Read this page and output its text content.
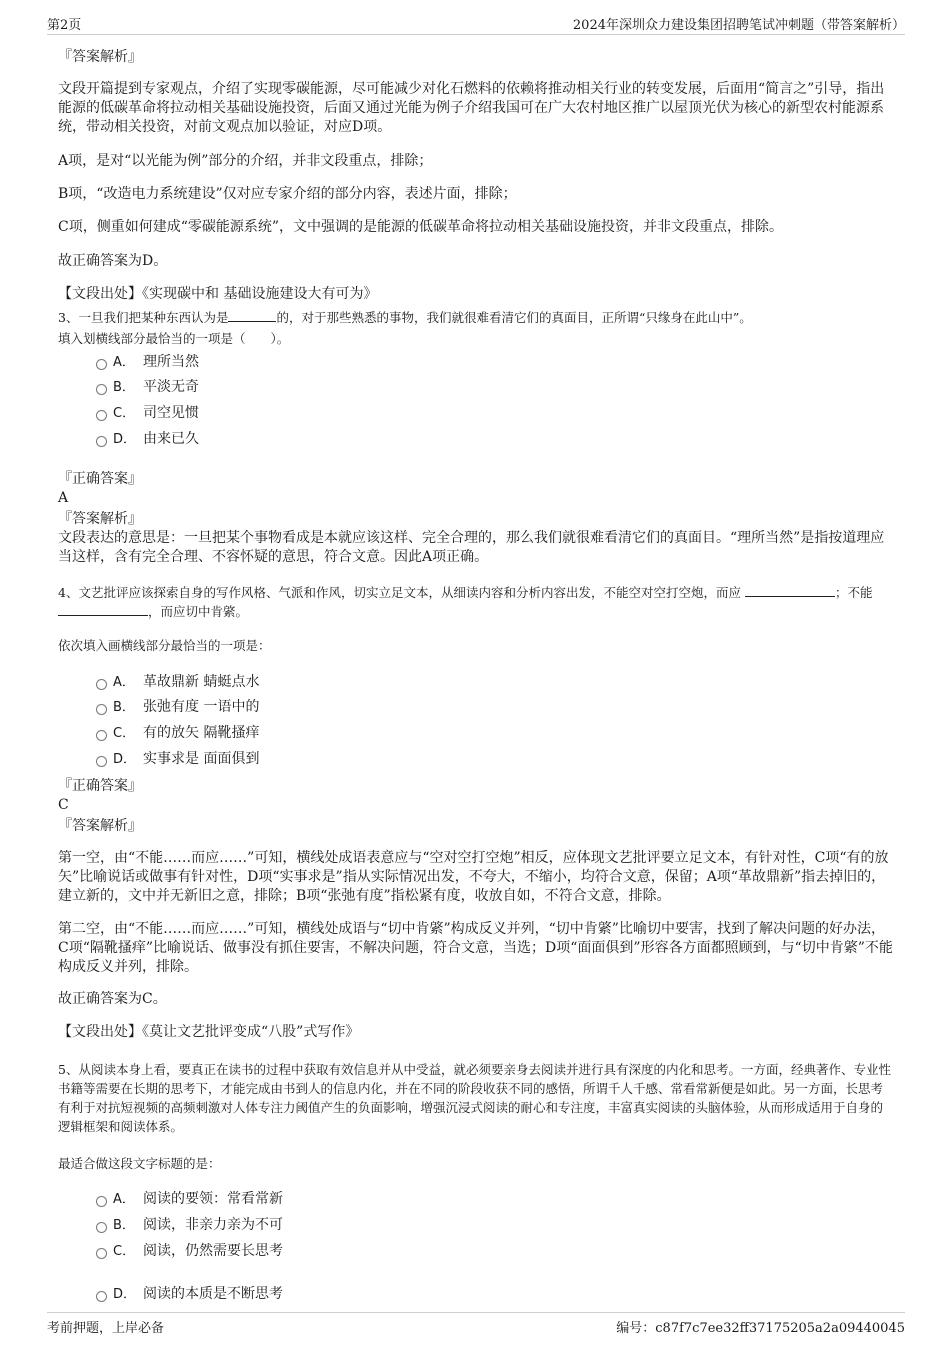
第2页	2024年深圳众力建设集团招聘笔试冲刺题（带答案解析）
『答案解析』
文段开篇提到专家观点，介绍了实现零碳能源，尽可能减少对化石燃料的依赖将推动相关行业的转变发展，后面用“简言之”引导，指出能源的低碳革命将拉动相关基础设施投资，后面又通过光能为例子介绍我国可在广大农村地区推广以屋顶光伏为核心的新型农村能源系统，带动相关投资，对前文观点加以验证，对应D项。
A项，是对“以光能为例”部分的介绍，并非文段重点，排除；
B项，“改造电力系统建设”仅对应专家介绍的部分内容，表述片面，排除；
C项，侧重如何建成“零碳能源系统”，文中强调的是能源的低碳革命将拉动相关基础设施投资，并非文段重点，排除。
故正确答案为D。
【文段出处】《实现碳中和 基础设施建设大有可为》
3、一旦我们把某种东西认为是	的，对于那些熟悉的事物，我们就很难看清它们的真面目，正所谓“只缘身在此山中”。
填入划横线部分最恰当的一项是（　　）。
A． 理所当然
B． 平淡无奇
C． 司空见惯
D． 由来已久
『正确答案』
A
『答案解析』
文段表达的意思是：一旦把某个事物看成是本就应该这样、完全合理的，那么我们就很难看清它们的真面目。“理所当然”是指按道理应当这样，含有完全合理、不容怀疑的意思，符合文意。因此A项正确。
4、文艺批评应该探索自身的写作风格、气派和作风，切实立足文本，从细读内容和分析内容出发，不能空对空打空炮，而应	；不能 ，而应切中肯綮。
依次填入画横线部分最恰当的一项是：
A． 革故鼎新 蜻蜓点水
B． 张弛有度 一语中的
C． 有的放矢 隔靴搔痒
D． 实事求是 面面俱到
『正确答案』
C
『答案解析』
第一空，由“不能……而应……”可知，横线处成语表意应与“空对空打空炮”相反，应体现文艺批评要立足文本，有针对性，C项“有的放矢”比喻说话或做事有针对性，D项“实事求是”指从实际情况出发，不夸大，不缩小，均符合文意，保留；A项“革故鼎新”指去掉旧的，建立新的，文中并无新旧之意，排除；B项“张弛有度”指松紧有度，收放自如，不符合文意，排除。
第二空，由“不能……而应……”可知，横线处成语与“切中肯綮”构成反义并列，“切中肯綮”比喻切中要害，找到了解决问题的好办法，C项“隔靴搔痒”比喻说话、做事没有抓住要害，不解决问题，符合文意，当选；D项“面面俱到”形容各方面都照顾到，与“切中肯綮”不能构成反义并列，排除。
故正确答案为C。
【文段出处】《莫让文艺批评变成“八股”式写作》
5、从阅读本身上看，要真正在读书的过程中获取有效信息并从中受益，就必须要亲身去阅读并进行具有深度的内化和思考。一方面，经典著作、专业性书籍等需要在长期的思考下，才能完成由书到人的信息内化，并在不同的阶段收获不同的感悟，所谓千人千感、常看常新便是如此。另一方面，长思考有利于对抗短视频的高频刺激对人体专注力阈值产生的负面影响，增强沉浸式阅读的耐心和专注度，丰富真实阅读的头脑体验，从而形成适用于自身的逻辑框架和阅读体系。
最适合做这段文字标题的是：
A． 阅读的要领：常看常新
B． 阅读，非亲力亲为不可
C． 阅读，仍然需要长思考
D． 阅读的本质是不断思考
考前押题，上岸必备	编号：c87f7c7ee32ff37175205a2a09440045
